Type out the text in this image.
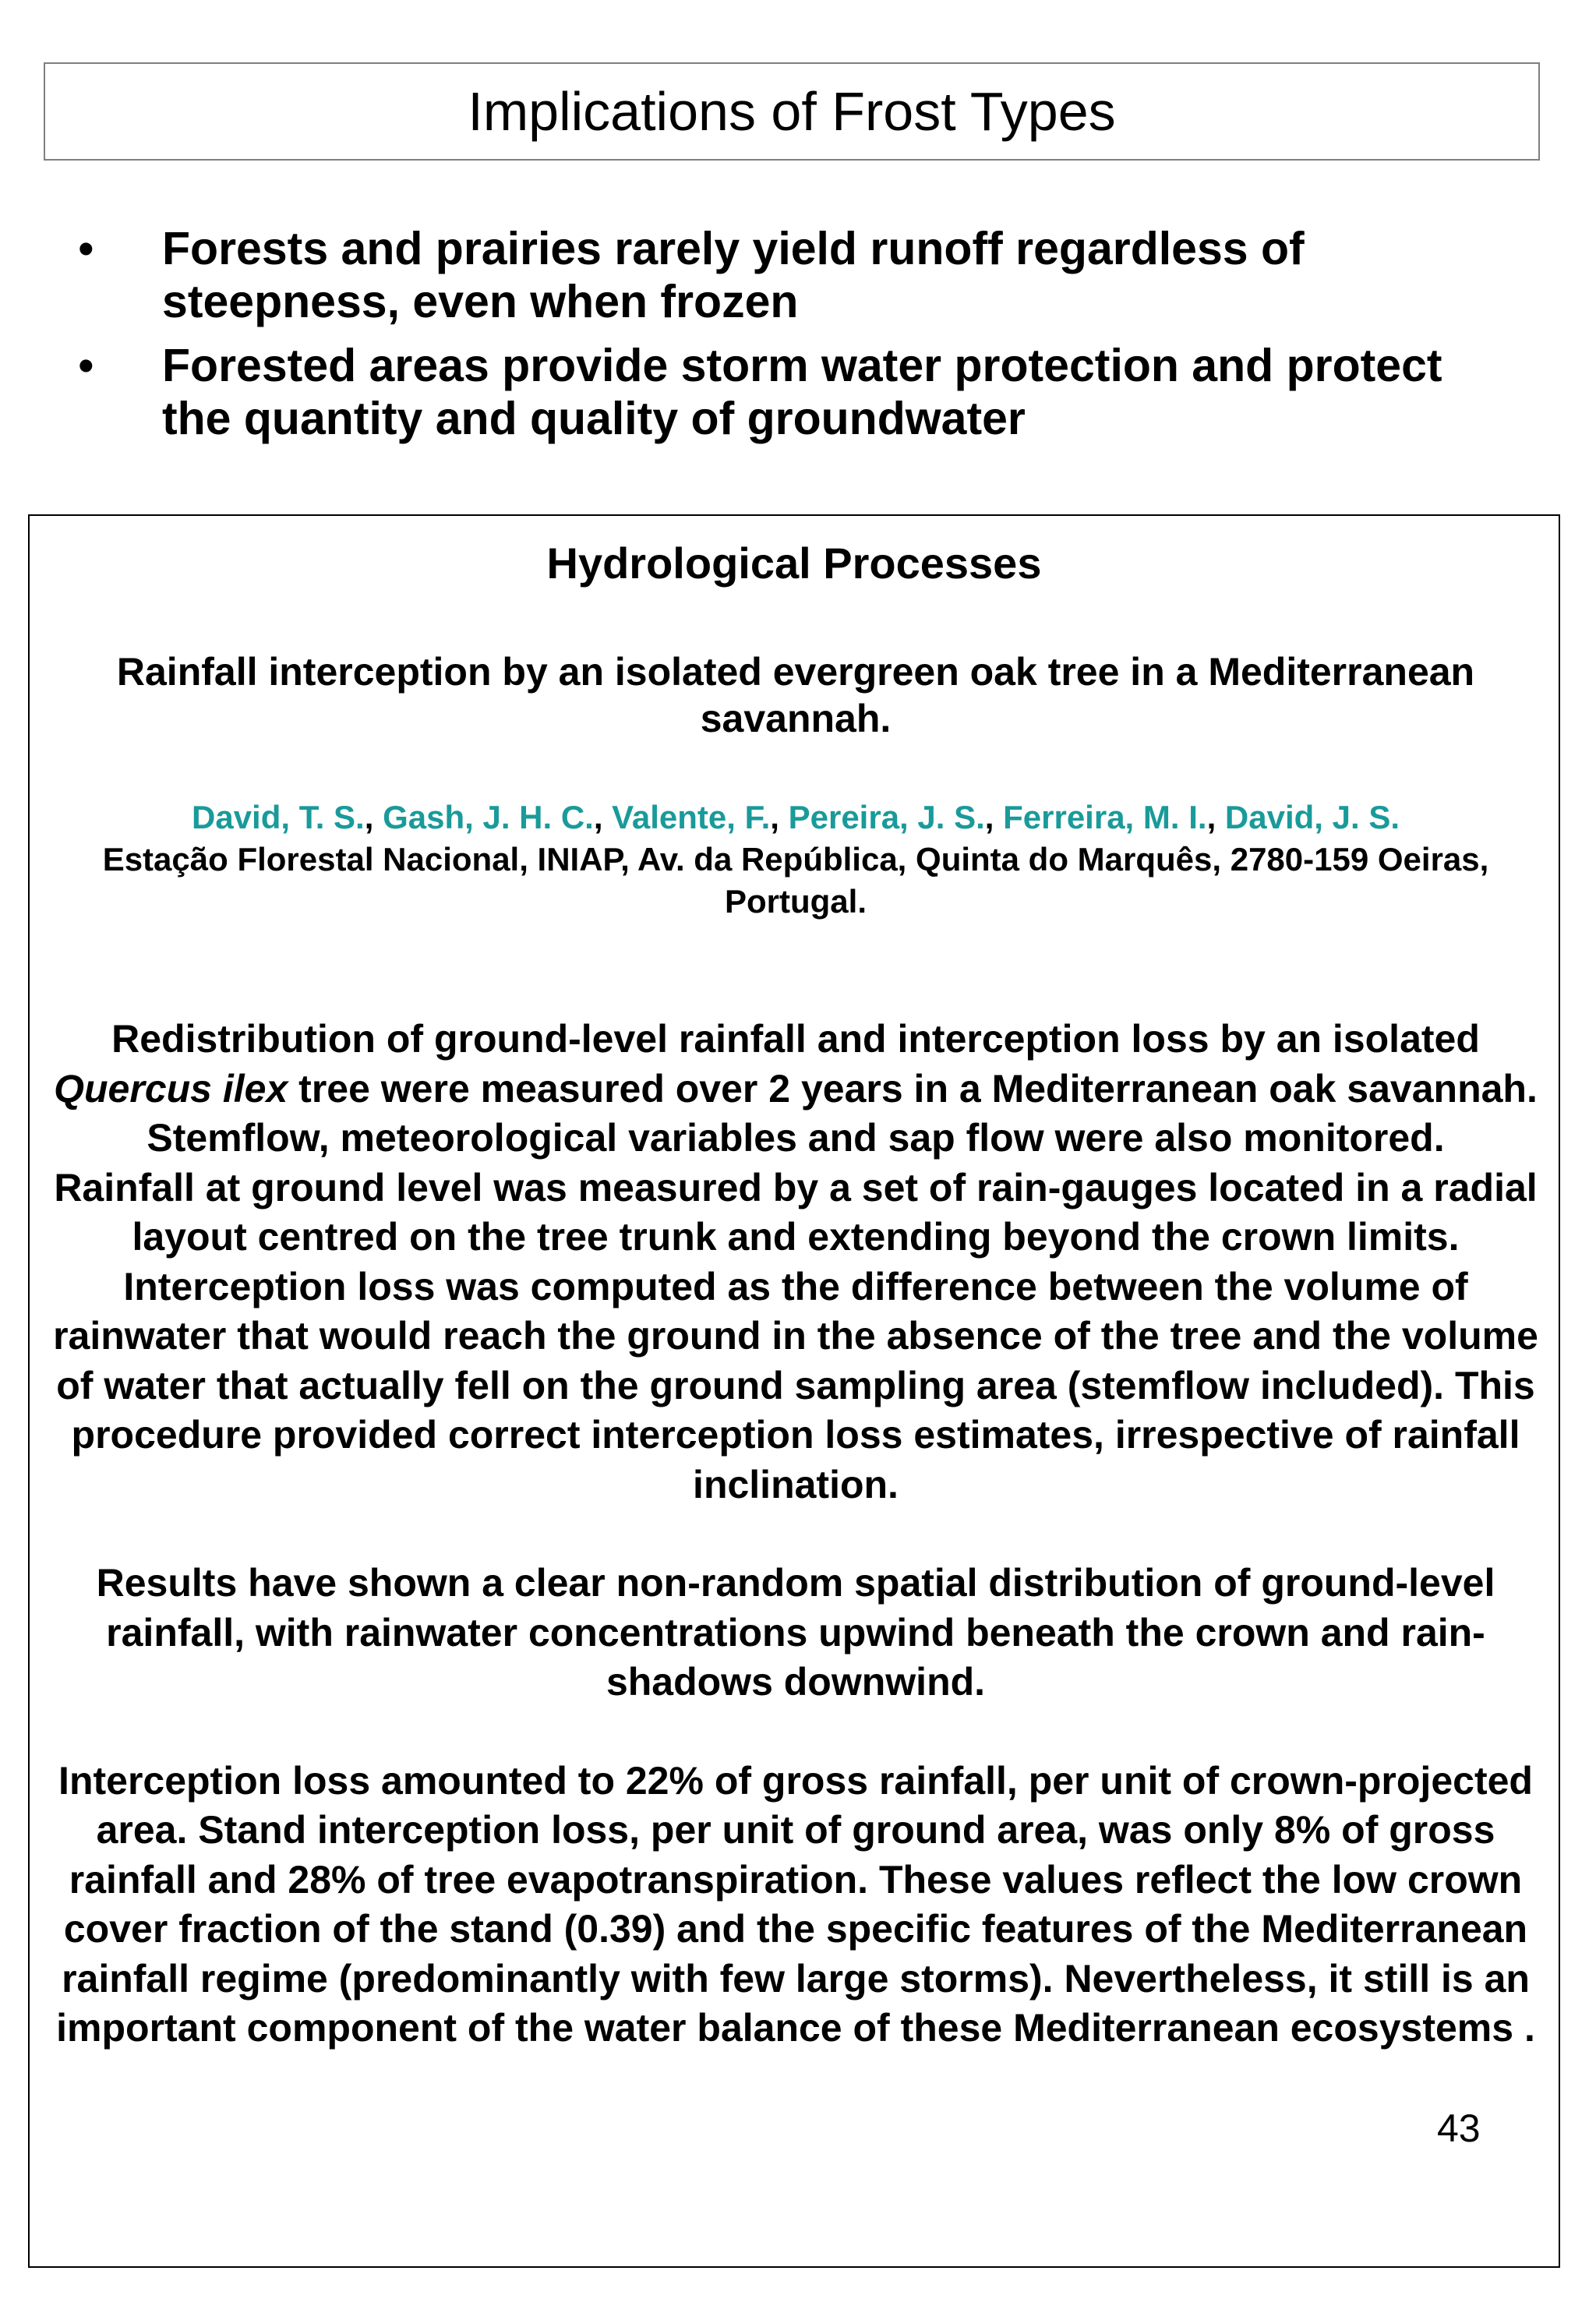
Implications of Frost Types
• Forests and prairies rarely yield runoff regardless of steepness, even when frozen
• Forested areas provide storm water protection and protect the quantity and quality of groundwater
Hydrological Processes
Rainfall interception by an isolated evergreen oak tree in a Mediterranean savannah.
David, T. S., Gash, J. H. C., Valente, F., Pereira, J. S., Ferreira, M. I., David, J. S.
Estação Florestal Nacional, INIAP, Av. da República, Quinta do Marquês, 2780-159 Oeiras, Portugal.

Redistribution of ground-level rainfall and interception loss by an isolated Quercus ilex tree were measured over 2 years in a Mediterranean oak savannah. Stemflow, meteorological variables and sap flow were also monitored.

Rainfall at ground level was measured by a set of rain-gauges located in a radial layout centred on the tree trunk and extending beyond the crown limits.

Interception loss was computed as the difference between the volume of rainwater that would reach the ground in the absence of the tree and the volume of water that actually fell on the ground sampling area (stemflow included). This procedure provided correct interception loss estimates, irrespective of rainfall inclination.

Results have shown a clear non-random spatial distribution of ground-level rainfall, with rainwater concentrations upwind beneath the crown and rain-shadows downwind.

Interception loss amounted to 22% of gross rainfall, per unit of crown-projected area. Stand interception loss, per unit of ground area, was only 8% of gross rainfall and 28% of tree evapotranspiration. These values reflect the low crown cover fraction of the stand (0.39) and the specific features of the Mediterranean rainfall regime (predominantly with few large storms). Nevertheless, it still is an important component of the water balance of these Mediterranean ecosystems .

43
